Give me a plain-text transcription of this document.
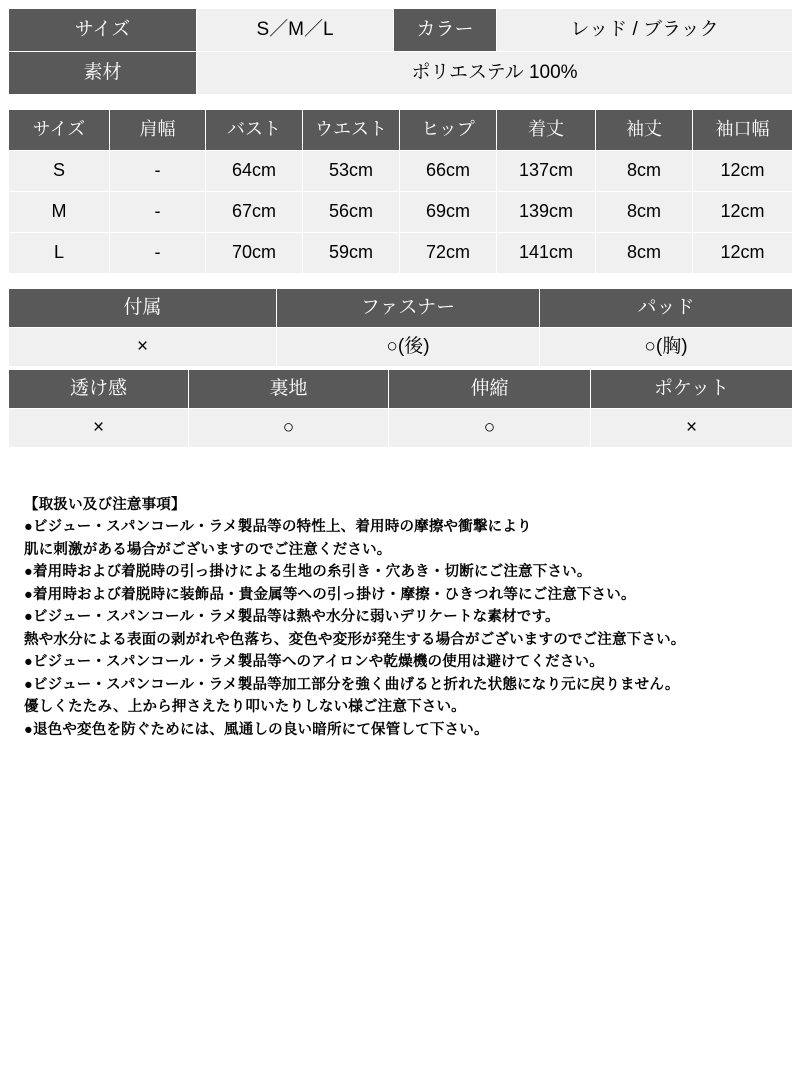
サイズ	S／M／L	カラー	レッド / ブラック
素材	ポリエステル 100%		
サイズ	肩幅	バスト	ウエスト	ヒップ	着丈	袖丈	袖口幅
S	-	64cm	53cm	66cm	137cm	8cm	12cm
M	-	67cm	56cm	69cm	139cm	8cm	12cm
L	-	70cm	59cm	72cm	141cm	8cm	12cm
付属	ファスナー	パッド
×	○(後)	○(胸)
透け感	裏地	伸縮	ポケット
×	○	○	×
【取扱い及び注意事項】
●ビジュー・スパンコール・ラメ製品等の特性上、着用時の摩擦や衝撃により
肌に刺激がある場合がございますのでご注意ください。
●着用時および着脱時の引っ掛けによる生地の糸引き・穴あき・切断にご注意下さい。
●着用時および着脱時に装飾品・貴金属等への引っ掛け・摩擦・ひきつれ等にご注意下さい。
●ビジュー・スパンコール・ラメ製品等は熱や水分に弱いデリケートな素材です。
熱や水分による表面の剥がれや色落ち、変色や変形が発生する場合がございますのでご注意下さい。
●ビジュー・スパンコール・ラメ製品等へのアイロンや乾燥機の使用は避けてください。
●ビジュー・スパンコール・ラメ製品等加工部分を強く曲げると折れた状態になり元に戻りません。
優しくたたみ、上から押さえたり叩いたりしない様ご注意下さい。
●退色や変色を防ぐためには、風通しの良い暗所にて保管して下さい。
